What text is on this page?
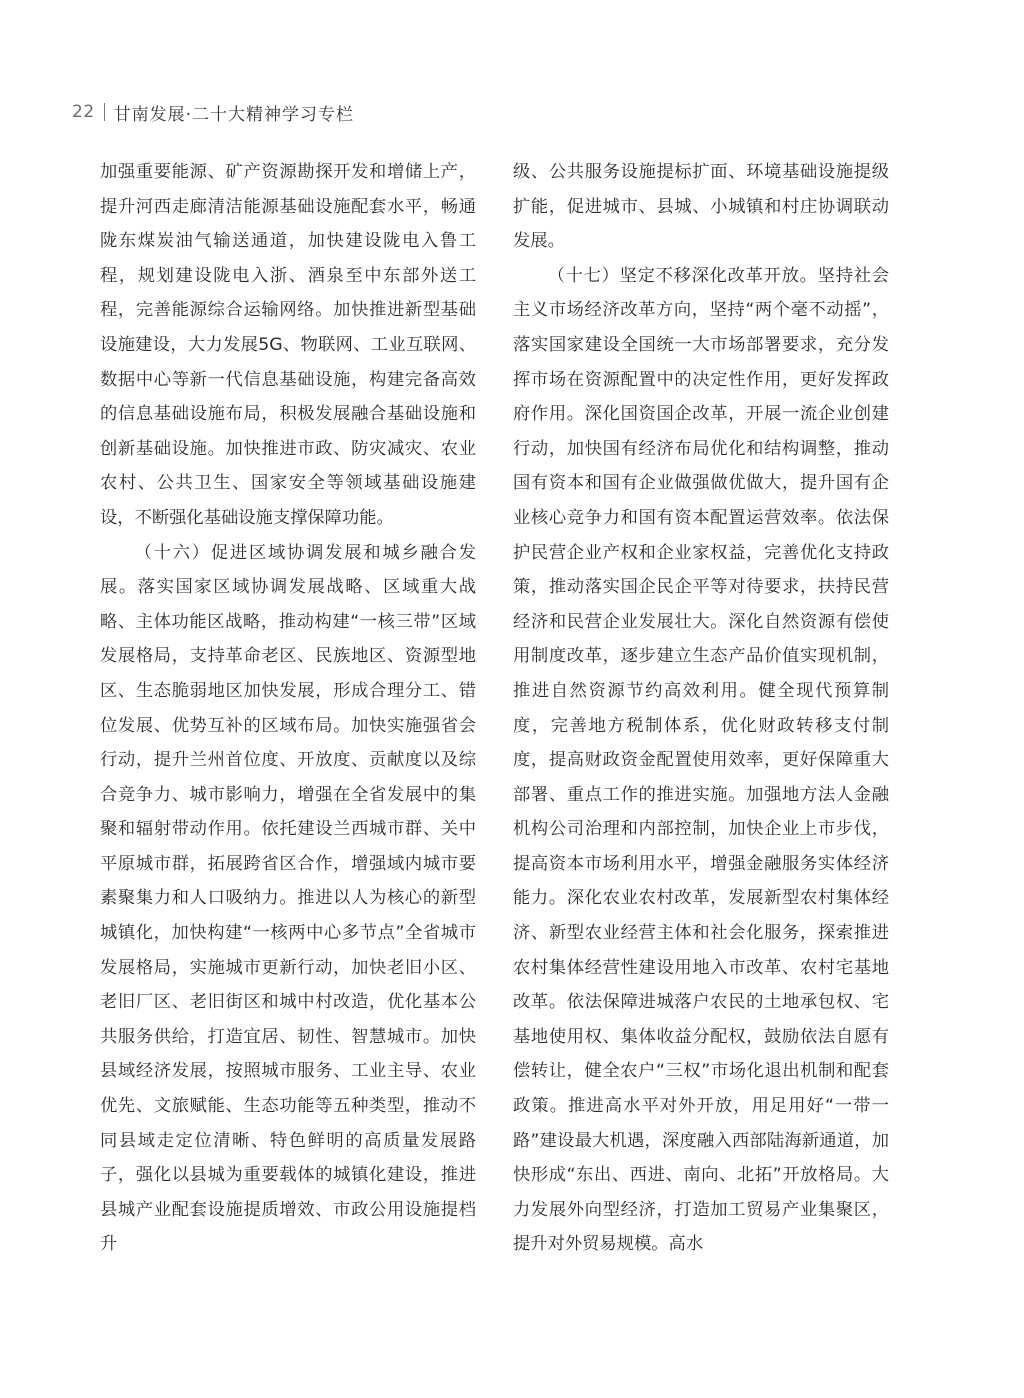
22 甘南发展·二十大精神学习专栏

加强重要能源、矿产资源勘探开发和增储上产，提升河西走廊清洁能源基础设施配套水平，畅通陇东煤炭油气输送通道，加快建设陇电入鲁工程，规划建设陇电入浙、酒泉至中东部外送工程，完善能源综合运输网络。加快推进新型基础设施建设，大力发展5G、物联网、工业互联网、数据中心等新一代信息基础设施，构建完备高效的信息基础设施布局，积极发展融合基础设施和创新基础设施。加快推进市政、防灾减灾、农业农村、公共卫生、国家安全等领域基础设施建设，不断强化基础设施支撑保障功能。

（十六）促进区域协调发展和城乡融合发展。落实国家区域协调发展战略、区域重大战略、主体功能区战略，推动构建“一核三带”区域发展格局，支持革命老区、民族地区、资源型地区、生态脆弱地区加快发展，形成合理分工、错位发展、优势互补的区域布局。加快实施强省会行动，提升兰州首位度、开放度、贡献度以及综合竞争力、城市影响力，增强在全省发展中的集聚和辐射带动作用。依托建设兰西城市群、关中平原城市群，拓展跨省区合作，增强域内城市要素聚集力和人口吸纳力。推进以人为核心的新型城镇化，加快构建“一核两中心多节点”全省城市发展格局，实施城市更新行动，加快老旧小区、老旧厂区、老旧街区和城中村改造，优化基本公共服务供给，打造宜居、韧性、智慧城市。加快县域经济发展，按照城市服务、工业主导、农业优先、文旅赋能、生态功能等五种类型，推动不同县域走定位清晰、特色鲜明的高质量发展路子，强化以县城为重要载体的城镇化建设，推进县城产业配套设施提质增效、市政公用设施提档升

级、公共服务设施提标扩面、环境基础设施提级扩能，促进城市、县城、小城镇和村庄协调联动发展。

（十七）坚定不移深化改革开放。坚持社会主义市场经济改革方向，坚持“两个毫不动摇”，落实国家建设全国统一大市场部署要求，充分发挥市场在资源配置中的决定性作用，更好发挥政府作用。深化国资国企改革，开展一流企业创建行动，加快国有经济布局优化和结构调整，推动国有资本和国有企业做强做优做大，提升国有企业核心竞争力和国有资本配置运营效率。依法保护民营企业产权和企业家权益，完善优化支持政策，推动落实国企民企平等对待要求，扶持民营经济和民营企业发展壮大。深化自然资源有偿使用制度改革，逐步建立生态产品价值实现机制，推进自然资源节约高效利用。健全现代预算制度，完善地方税制体系，优化财政转移支付制度，提高财政资金配置使用效率，更好保障重大部署、重点工作的推进实施。加强地方法人金融机构公司治理和内部控制，加快企业上市步伐，提高资本市场利用水平，增强金融服务实体经济能力。深化农业农村改革，发展新型农村集体经济、新型农业经营主体和社会化服务，探索推进农村集体经营性建设用地入市改革、农村宅基地改革。依法保障进城落户农民的土地承包权、宅基地使用权、集体收益分配权，鼓励依法自愿有偿转让，健全农户“三权”市场化退出机制和配套政策。推进高水平对外开放，用足用好“一带一路”建设最大机遇，深度融入西部陆海新通道，加快形成“东出、西进、南向、北拓”开放格局。大力发展外向型经济，打造加工贸易产业集聚区，提升对外贸易规模。高水
